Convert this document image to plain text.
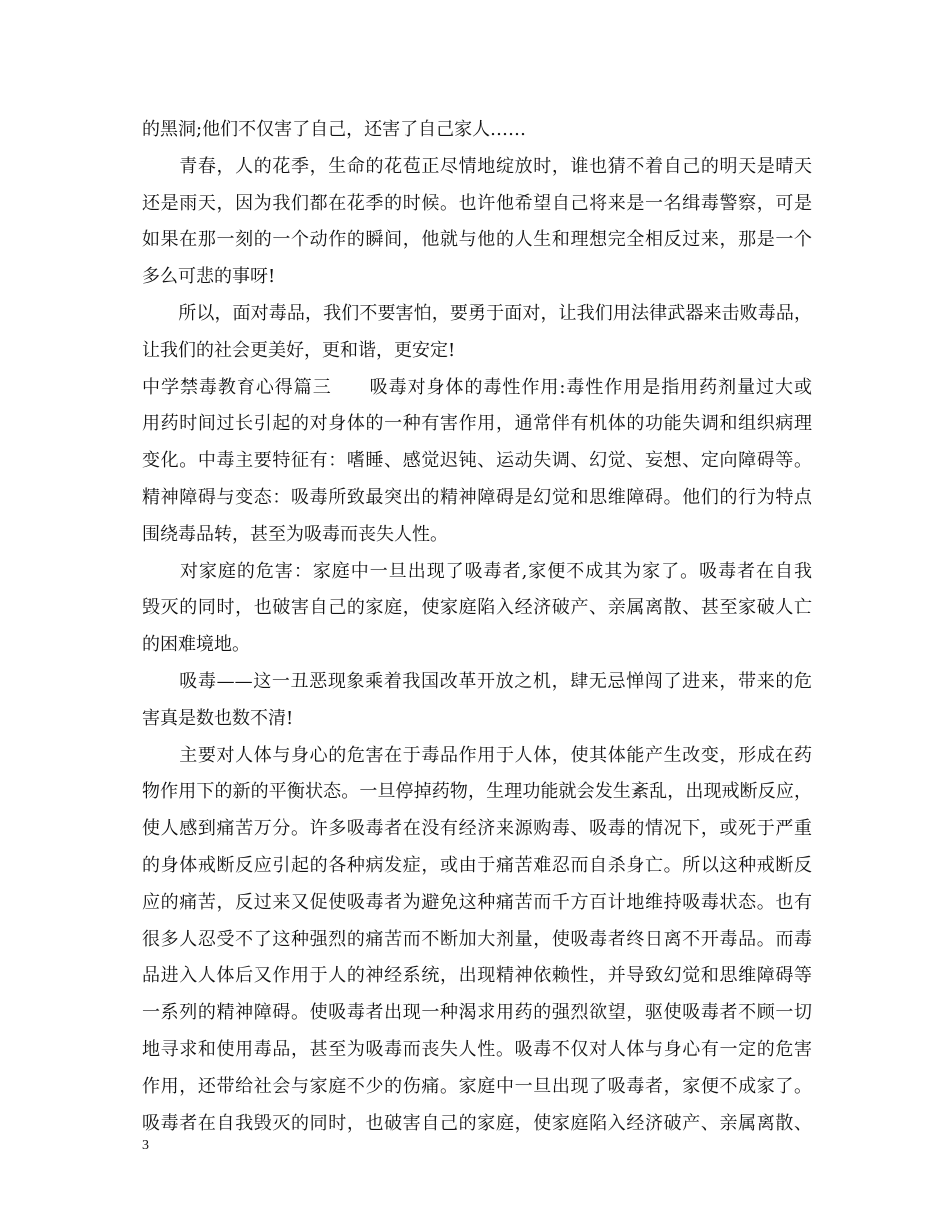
的黑洞;他们不仅害了自己，还害了自己家人……
　　青春，人的花季，生命的花苞正尽情地绽放时，谁也猜不着自己的明天是晴天
还是雨天，因为我们都在花季的时候。也许他希望自己将来是一名缉毒警察，可是
如果在那一刻的一个动作的瞬间，他就与他的人生和理想完全相反过来，那是一个
多么可悲的事呀!
　　所以，面对毒品，我们不要害怕，要勇于面对，让我们用法律武器来击败毒品，
让我们的社会更美好，更和谐，更安定!
中学禁毒教育心得篇三　　吸毒对身体的毒性作用:毒性作用是指用药剂量过大或
用药时间过长引起的对身体的一种有害作用，通常伴有机体的功能失调和组织病理
变化。中毒主要特征有：嗜睡、感觉迟钝、运动失调、幻觉、妄想、定向障碍等。
精神障碍与变态：吸毒所致最突出的精神障碍是幻觉和思维障碍。他们的行为特点
围绕毒品转，甚至为吸毒而丧失人性。
　　对家庭的危害：家庭中一旦出现了吸毒者,家便不成其为家了。吸毒者在自我
毁灭的同时，也破害自己的家庭，使家庭陷入经济破产、亲属离散、甚至家破人亡
的困难境地。
　　吸毒——这一丑恶现象乘着我国改革开放之机，肆无忌惮闯了进来，带来的危
害真是数也数不清!
　　主要对人体与身心的危害在于毒品作用于人体，使其体能产生改变，形成在药
物作用下的新的平衡状态。一旦停掉药物，生理功能就会发生紊乱，出现戒断反应，
使人感到痛苦万分。许多吸毒者在没有经济来源购毒、吸毒的情况下，或死于严重
的身体戒断反应引起的各种病发症，或由于痛苦难忍而自杀身亡。所以这种戒断反
应的痛苦，反过来又促使吸毒者为避免这种痛苦而千方百计地维持吸毒状态。也有
很多人忍受不了这种强烈的痛苦而不断加大剂量，使吸毒者终日离不开毒品。而毒
品进入人体后又作用于人的神经系统，出现精神依赖性，并导致幻觉和思维障碍等
一系列的精神障碍。使吸毒者出现一种渴求用药的强烈欲望，驱使吸毒者不顾一切
地寻求和使用毒品，甚至为吸毒而丧失人性。吸毒不仅对人体与身心有一定的危害
作用，还带给社会与家庭不少的伤痛。家庭中一旦出现了吸毒者，家便不成家了。
吸毒者在自我毁灭的同时，也破害自己的家庭，使家庭陷入经济破产、亲属离散、
3
